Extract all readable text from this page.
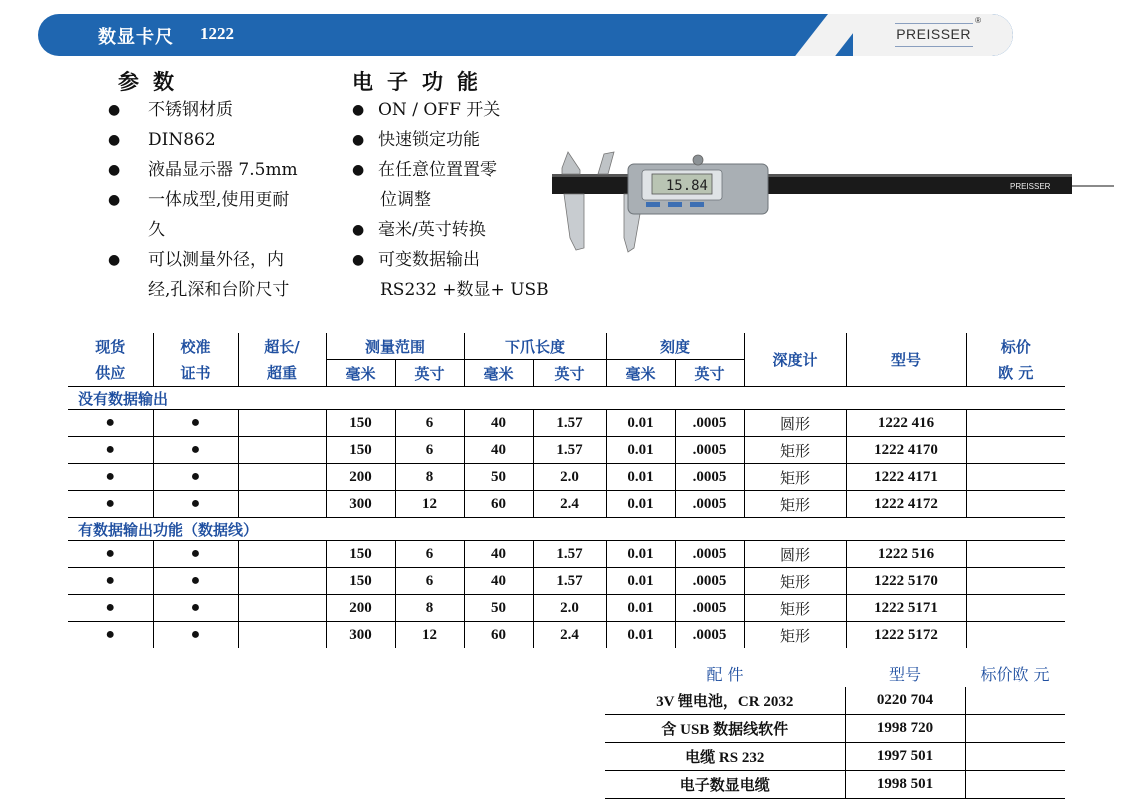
数显卡尺 1222	PREISSER
®
参数
● 不锈钢材质
● DIN862
● 液晶显示器 7.5mm
● 一体成型,使用更耐
久
● 可以测量外径，内
经,孔深和台阶尺寸
电子功能
● ON / OFF 开关
● 快速锁定功能
● 在任意位置置零
位调整
● 毫米/英寸转换
● 可变数据输出
RS232 +数显+ USB
15.84	PREISSER
现货	校准	超长/	测量范围		下爪长度		刻度		深度计	型号	标价
供应	证书	超重	毫米	英寸	毫米	英寸	毫米	英寸			欧 元
没有数据输出											
●	●		150	6	40	1.57	0.01	.0005	圆形	1222 416	
●	●		150	6	40	1.57	0.01	.0005	矩形	1222 4170	
●	●		200	8	50	2.0	0.01	.0005	矩形	1222 4171	
●	●		300	12	60	2.4	0.01	.0005	矩形	1222 4172	
有数据输出功能（数据线）											
●	●		150	6	40	1.57	0.01	.0005	圆形	1222 516	
●	●		150	6	40	1.57	0.01	.0005	矩形	1222 5170	
●	●		200	8	50	2.0	0.01	.0005	矩形	1222 5171	
●	●		300	12	60	2.4	0.01	.0005	矩形	1222 5172	
配 件	型号	标价欧 元
3V 锂电池，CR 2032	0220 704	
含 USB 数据线软件	1998 720	
电缆 RS 232	1997 501	
电子数显电缆	1998 501	
